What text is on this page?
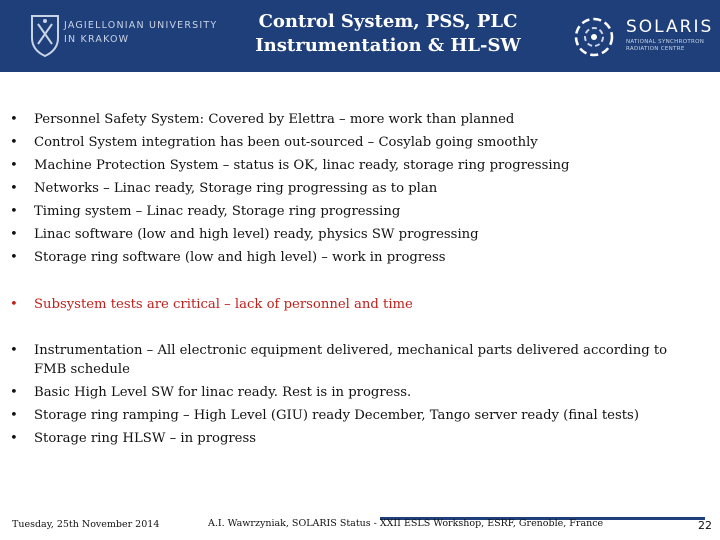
JAGIELLONIAN UNIVERSITY
IN KRAKOW
Control System, PSS, PLC
Instrumentation & HL-SW
SOLARIS
NATIONAL SYNCHROTRON
RADIATION CENTRE
• Personnel Safety System: Covered by Elettra – more work than planned
• Control System integration has been out-sourced – Cosylab going smoothly
• Machine Protection System – status is OK, linac ready, storage ring progressing
• Networks – Linac ready, Storage ring progressing as to plan
• Timing system – Linac ready, Storage ring progressing
• Linac software (low and high level) ready, physics SW progressing
• Storage ring software (low and high level) – work in progress
• Subsystem tests are critical – lack of personnel and time
• Instrumentation – All electronic equipment delivered, mechanical parts delivered according to FMB schedule
• Basic High Level SW for linac ready. Rest is in progress.
• Storage ring ramping – High Level (GIU) ready December, Tango server ready (final tests)
• Storage ring HLSW – in progress
Tuesday, 25th November 2014	A.I. Wawrzyniak, SOLARIS Status - XXII ESLS Workshop, ESRF, Grenoble, France	22
